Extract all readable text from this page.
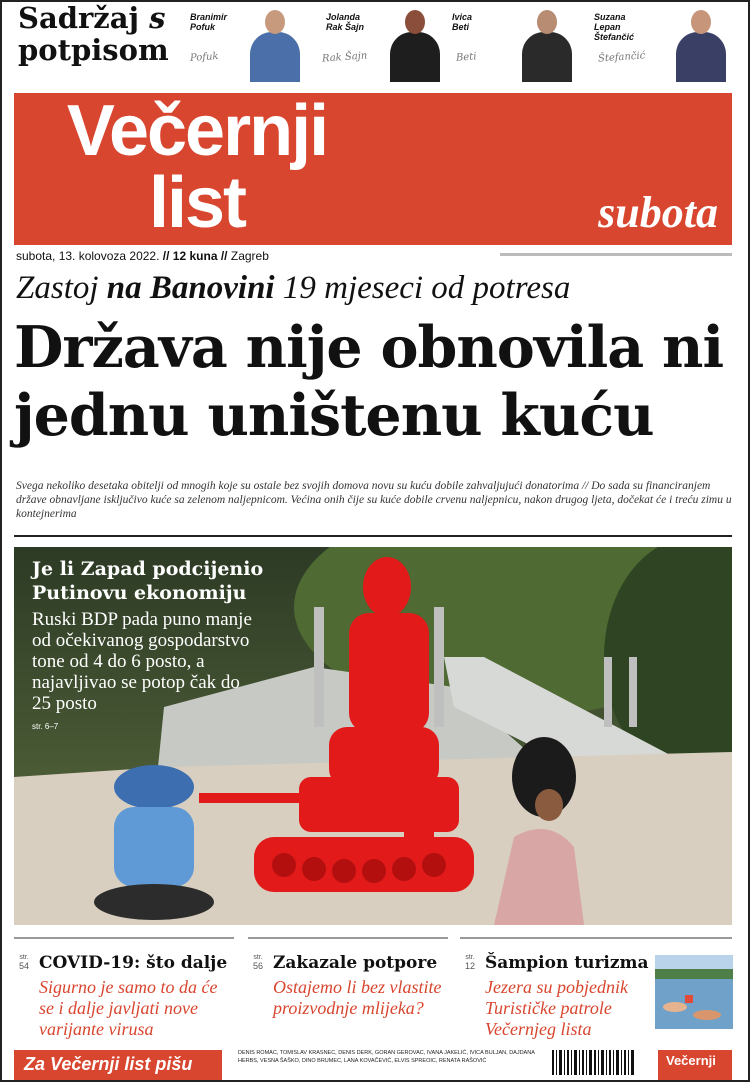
Sadržaj s
potpisom
Branimir
Pofuk
Pofuk
Jolanda
Rak Šajn
Rak Šajn
Ivica
Beti
Beti
Suzana
Lepan
Štefančić
Štefančić
Večernji
list	subota
subota, 13. kolovoza 2022. // 12 kuna // Zagreb
Zastoj na Banovini 19 mjeseci od potresa
Država nije obnovila ni jednu uništenu kuću
Svega nekoliko desetaka obitelji od mnogih koje su ostale bez svojih domova novu su kuću dobile zahvaljujući donatorima // Do sada su financiranjem države obnavljane isključivo kuće sa zelenom naljepnicom. Većina onih čije su kuće dobile crvenu naljepnicu, nakon drugog ljeta, dočekat će i treću zimu u kontejnerima
Je li Zapad podcijenio Putinovu ekonomiju
Ruski BDP pada puno manje od očekivanog gospodarstvo tone od 4 do 6 posto, a najavljivao se potop čak do 25 posto
str. 6–7
str.
54 COVID-19: što dalje
Sigurno je samo to da će se i dalje javljati nove varijante virusa
str.
56 Zakazale potpore
Ostajemo li bez vlastite proizvodnje mlijeka?
str.
12 Šampion turizma
Jezera su pobjednik Turističke patrole Večernjeg lista
Za Večernji list pišu
DENIS ROMAC, TOMISLAV KRASNEC, DENIS DERK, GORAN GEROVAC, IVANA JAKELIĆ, IVICA BULJAN, DAJDANA HERBS, VESNA ŠAŠKO, DINO BRUMEC, LANA KOVAČEVIĆ, ELVIS SPREOIC, RENATA RAŠOVIĆ	Večernji
